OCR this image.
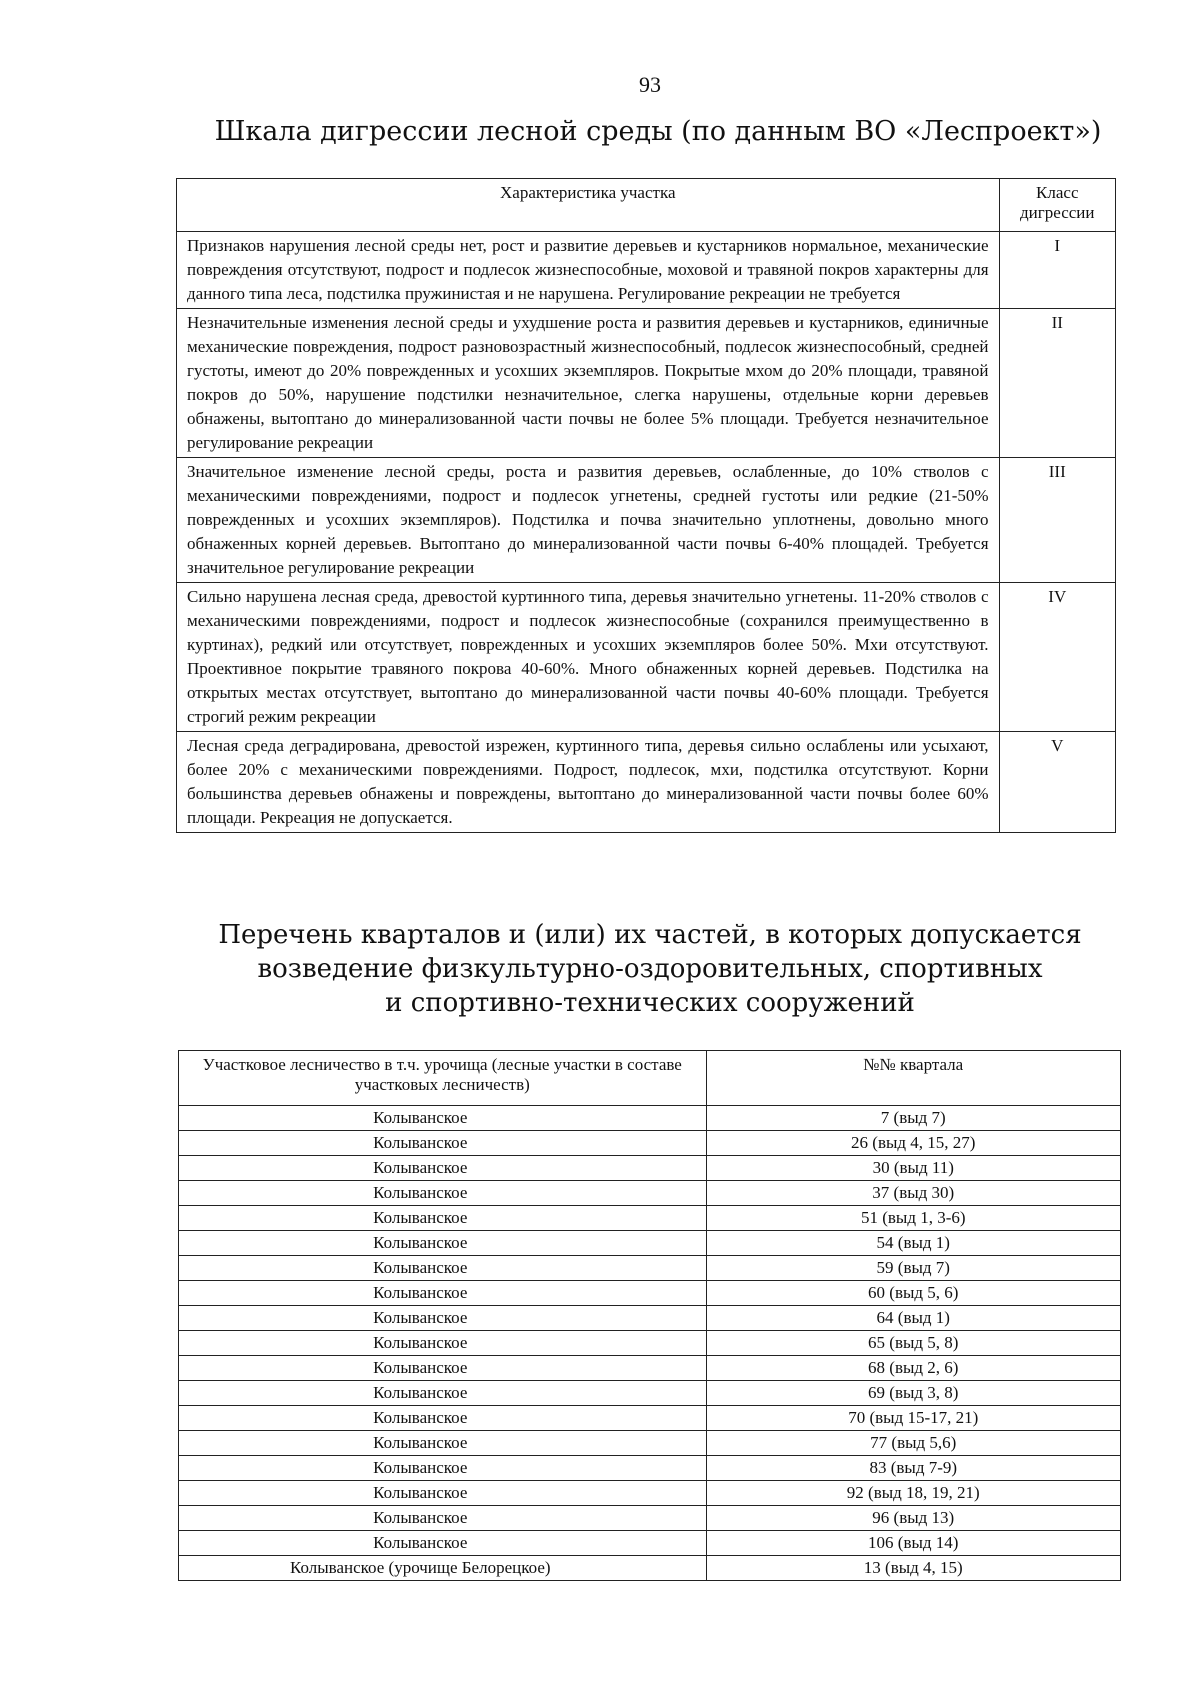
93
Шкала дигрессии лесной среды (по данным ВО «Леспроект»)
Характеристика участка	Класс дигрессии
Признаков нарушения лесной среды нет, рост и развитие деревьев и кустарников нормальное, механические повреждения отсутствуют, подрост и подлесок жизнеспособные, моховой и травяной покров характерны для данного типа леса, подстилка пружинистая и не нарушена. Регулирование рекреации не требуется	I
Незначительные изменения лесной среды и ухудшение роста и развития деревьев и кустарников, единичные механические повреждения, подрост разновозрастный жизнеспособный, подлесок жизнеспособный, средней густоты, имеют до 20% поврежденных и усохших экземпляров. Покрытые мхом до 20% площади, травяной покров до 50%, нарушение подстилки незначительное, слегка нарушены, отдельные корни деревьев обнажены, вытоптано до минерализованной части почвы не более 5% площади. Требуется незначительное регулирование рекреации	II
Значительное изменение лесной среды, роста и развития деревьев, ослабленные, до 10% стволов с механическими повреждениями, подрост и подлесок угнетены, средней густоты или редкие (21-50% поврежденных и усохших экземпляров). Подстилка и почва значительно уплотнены, довольно много обнаженных корней деревьев. Вытоптано до минерализованной части почвы 6-40% площадей. Требуется значительное регулирование рекреации	III
Сильно нарушена лесная среда, древостой куртинного типа, деревья значительно угнетены. 11-20% стволов с механическими повреждениями, подрост и подлесок жизнеспособные (сохранился преимущественно в куртинах), редкий или отсутствует, поврежденных и усохших экземпляров более 50%. Мхи отсутствуют. Проективное покрытие травяного покрова 40-60%. Много обнаженных корней деревьев. Подстилка на открытых местах отсутствует, вытоптано до минерализованной части почвы 40-60% площади. Требуется строгий режим рекреации	IV
Лесная среда деградирована, древостой изрежен, куртинного типа, деревья сильно ослаблены или усыхают, более 20% с механическими повреждениями. Подрост, подлесок, мхи, подстилка отсутствуют. Корни большинства деревьев обнажены и повреждены, вытоптано до минерализованной части почвы более 60% площади. Рекреация не допускается.	V
Перечень кварталов и (или) их частей, в которых допускается
возведение физкультурно-оздоровительных, спортивных
и спортивно-технических сооружений
Участковое лесничество в т.ч. урочища (лесные участки в составе участковых лесничеств)	№№ квартала
Колыванское	7 (выд 7)
Колыванское	26 (выд 4, 15, 27)
Колыванское	30 (выд 11)
Колыванское	37 (выд 30)
Колыванское	51 (выд 1, 3-6)
Колыванское	54 (выд 1)
Колыванское	59 (выд 7)
Колыванское	60 (выд 5, 6)
Колыванское	64 (выд 1)
Колыванское	65 (выд 5, 8)
Колыванское	68 (выд 2, 6)
Колыванское	69 (выд 3, 8)
Колыванское	70 (выд 15-17, 21)
Колыванское	77 (выд 5,6)
Колыванское	83 (выд 7-9)
Колыванское	92 (выд 18, 19, 21)
Колыванское	96 (выд 13)
Колыванское	106 (выд 14)
Колыванское (урочище Белорецкое)	13 (выд 4, 15)
